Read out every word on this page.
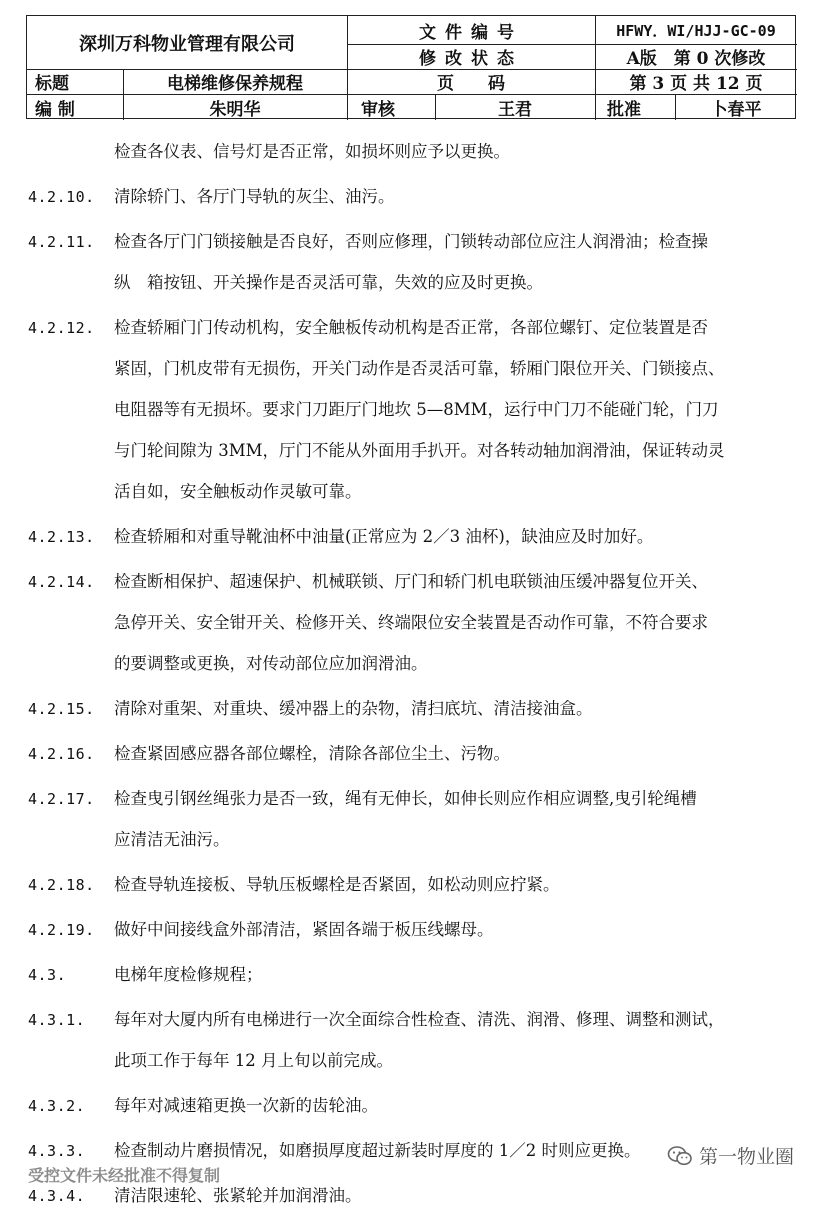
深圳万科物业管理有限公司
文件编号	HFWY．WI/HJJ-GC-09
修改状态	A版　第 0 次修改
标题	电梯维修保养规程	页　　码	第 3 页 共 12 页
编 制	朱明华	审核	王君	批准	卜春平
检查各仪表、信号灯是否正常，如损坏则应予以更换。
4.2.10. 清除轿门、各厅门导轨的灰尘、油污。
4.2.11. 检查各厅门门锁接触是否良好，否则应修理，门锁转动部位应注人润滑油；检查操
纵　箱按钮、开关操作是否灵活可靠，失效的应及时更换。
4.2.12. 检查轿厢门门传动机构，安全触板传动机构是否正常，各部位螺钉、定位装置是否
紧固，门机皮带有无损伤，开关门动作是否灵活可靠，轿厢门限位开关、门锁接点、
电阻器等有无损坏。要求门刀距厅门地坎 5—8MM，运行中门刀不能碰门轮，门刀
与门轮间隙为 3MM，厅门不能从外面用手扒开。对各转动轴加润滑油，保证转动灵
活自如，安全触板动作灵敏可靠。
4.2.13. 检查轿厢和对重导靴油杯中油量(正常应为 2／3 油杯)，缺油应及时加好。
4.2.14. 检查断相保护、超速保护、机械联锁、厅门和轿门机电联锁油压缓冲器复位开关、
急停开关、安全钳开关、检修开关、终端限位安全装置是否动作可靠，不符合要求
的要调整或更换，对传动部位应加润滑油。
4.2.15. 清除对重架、对重块、缓冲器上的杂物，清扫底坑、清洁接油盒。
4.2.16. 检查紧固感应器各部位螺栓，清除各部位尘土、污物。
4.2.17. 检查曳引钢丝绳张力是否一致，绳有无伸长，如伸长则应作相应调整,曳引轮绳槽
应清洁无油污。
4.2.18. 检查导轨连接板、导轨压板螺栓是否紧固，如松动则应拧紧。
4.2.19. 做好中间接线盒外部清洁，紧固各端于板压线螺母。
4.3.	电梯年度检修规程；
4.3.1. 每年对大厦内所有电梯进行一次全面综合性检查、清洗、润滑、修理、调整和测试，
此项工作于每年 12 月上旬以前完成。
4.3.2. 每年对减速箱更换一次新的齿轮油。
4.3.3. 检查制动片磨损情况，如磨损厚度超过新装时厚度的 1／2 时则应更换。
4.3.4. 清洁限速轮、张紧轮并加润滑油。
受控文件未经批准不得复制
第一物业圈
